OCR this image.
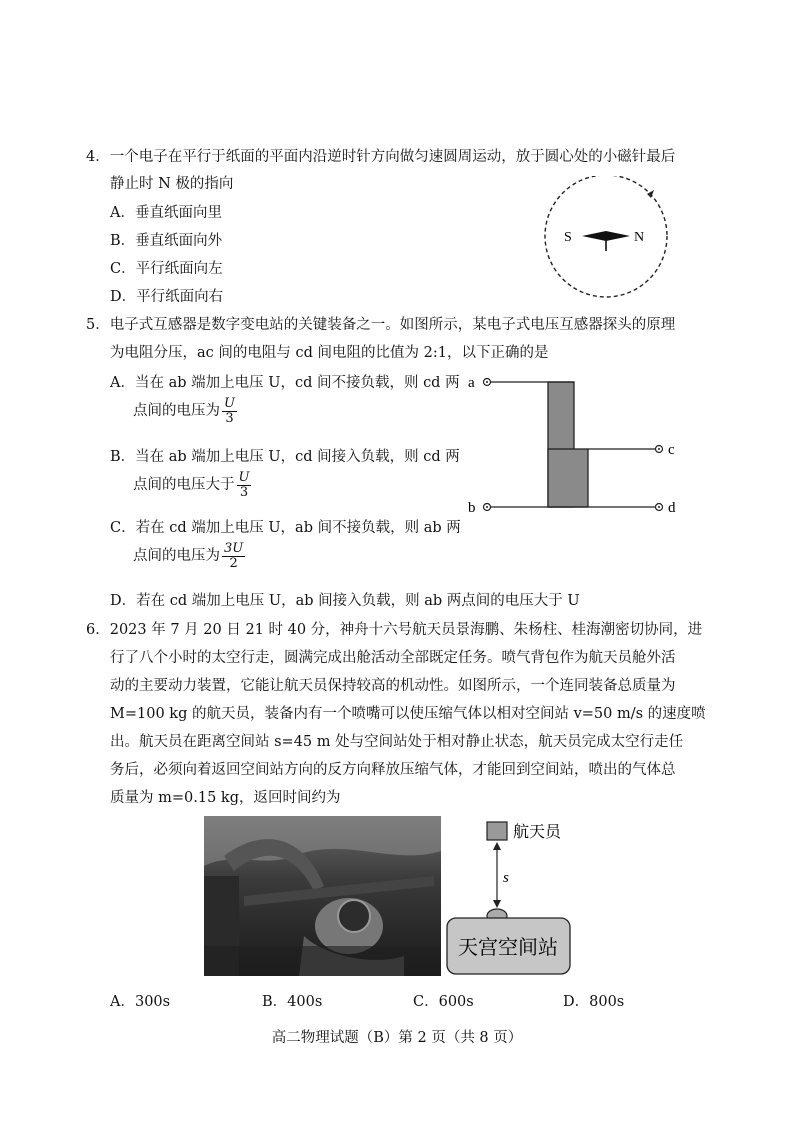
4．一个电子在平行于纸面的平面内沿逆时针方向做匀速圆周运动，放于圆心处的小磁针最后
静止时 N 极的指向
A．垂直纸面向里
B．垂直纸面向外
C．平行纸面向左
D．平行纸面向右
S	N
5．电子式互感器是数字变电站的关键装备之一。如图所示，某电子式电压互感器探头的原理
为电阻分压，ac 间的电阻与 cd 间电阻的比值为 2:1，以下正确的是
A．当在 ab 端加上电压 U，cd 间不接负载，则 cd 两
点间的电压为 $\frac{U}{3}$
B．当在 ab 端加上电压 U，cd 间接入负载，则 cd 两
点间的电压大于 $\frac{U}{3}$
C．若在 cd 端加上电压 U，ab 间不接负载，则 ab 两
点间的电压为 $\frac{3U}{2}$
D．若在 cd 端加上电压 U，ab 间接入负载，则 ab 两点间的电压大于 U
a
c
b	d
6．2023 年 7 月 20 日 21 时 40 分，神舟十六号航天员景海鹏、朱杨柱、桂海潮密切协同，进
行了八个小时的太空行走，圆满完成出舱活动全部既定任务。喷气背包作为航天员舱外活
动的主要动力装置，它能让航天员保持较高的机动性。如图所示，一个连同装备总质量为
M=100 kg 的航天员，装备内有一个喷嘴可以使压缩气体以相对空间站 v=50 m/s 的速度喷
出。航天员在距离空间站 s=45 m 处与空间站处于相对静止状态，航天员完成太空行走任
务后，必须向着返回空间站方向的反方向释放压缩气体，才能回到空间站，喷出的气体总
质量为 m=0.15 kg，返回时间约为
航天员
s
天宫空间站
A．300s	B．400s	C．600s	D．800s
高二物理试题（B）第 2 页（共 8 页）
